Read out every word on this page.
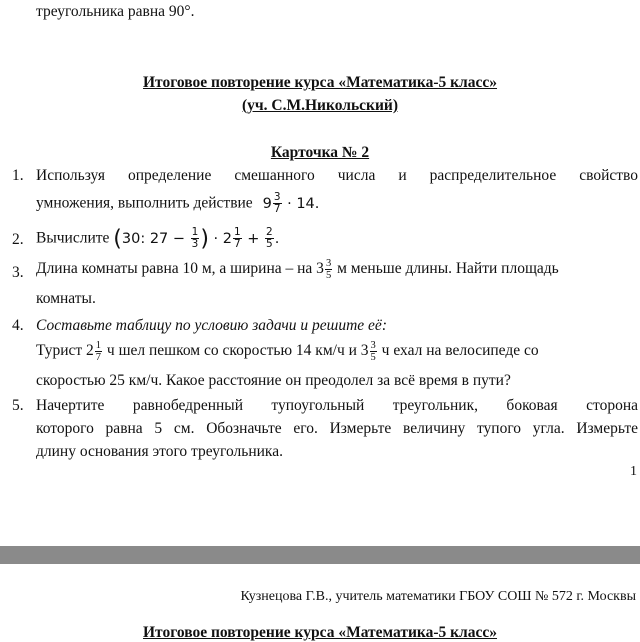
треугольника равна 90°.
Итоговое повторение курса «Математика-5 класс»
(уч. С.М.Никольский)
Карточка № 2
1. Используя определение смешанного числа и распределительное свойство
умножения, выполнить действие $9 \frac{3}{7} \cdot 14$.
2. Вычислите (30: $27 - \frac{1}{3}$ ) · $2 \frac{1}{7} + \frac{2}{5}$ .
3. Длина комнаты равна 10 м, а ширина – на $3 \frac{3}{5}$ м меньше длины. Найти площадь
комнаты.
4. Составьте таблицу по условию задачи и решите её:
Турист $2 \frac{1}{7}$ ч шел пешком со скоростью 14 км/ч и $3 \frac{3}{5}$ ч ехал на велосипеде со
скоростью 25 км/ч. Какое расстояние он преодолел за всё время в пути?
5. Начертите равнобедренный тупоугольный треугольник, боковая сторона
которого равна 5 см. Обозначьте его. Измерьте величину тупого угла. Измерьте
длину основания этого треугольника.
1
Кузнецова Г.В., учитель математики ГБОУ СОШ № 572 г. Москвы
Итоговое повторение курса «Математика-5 класс»
